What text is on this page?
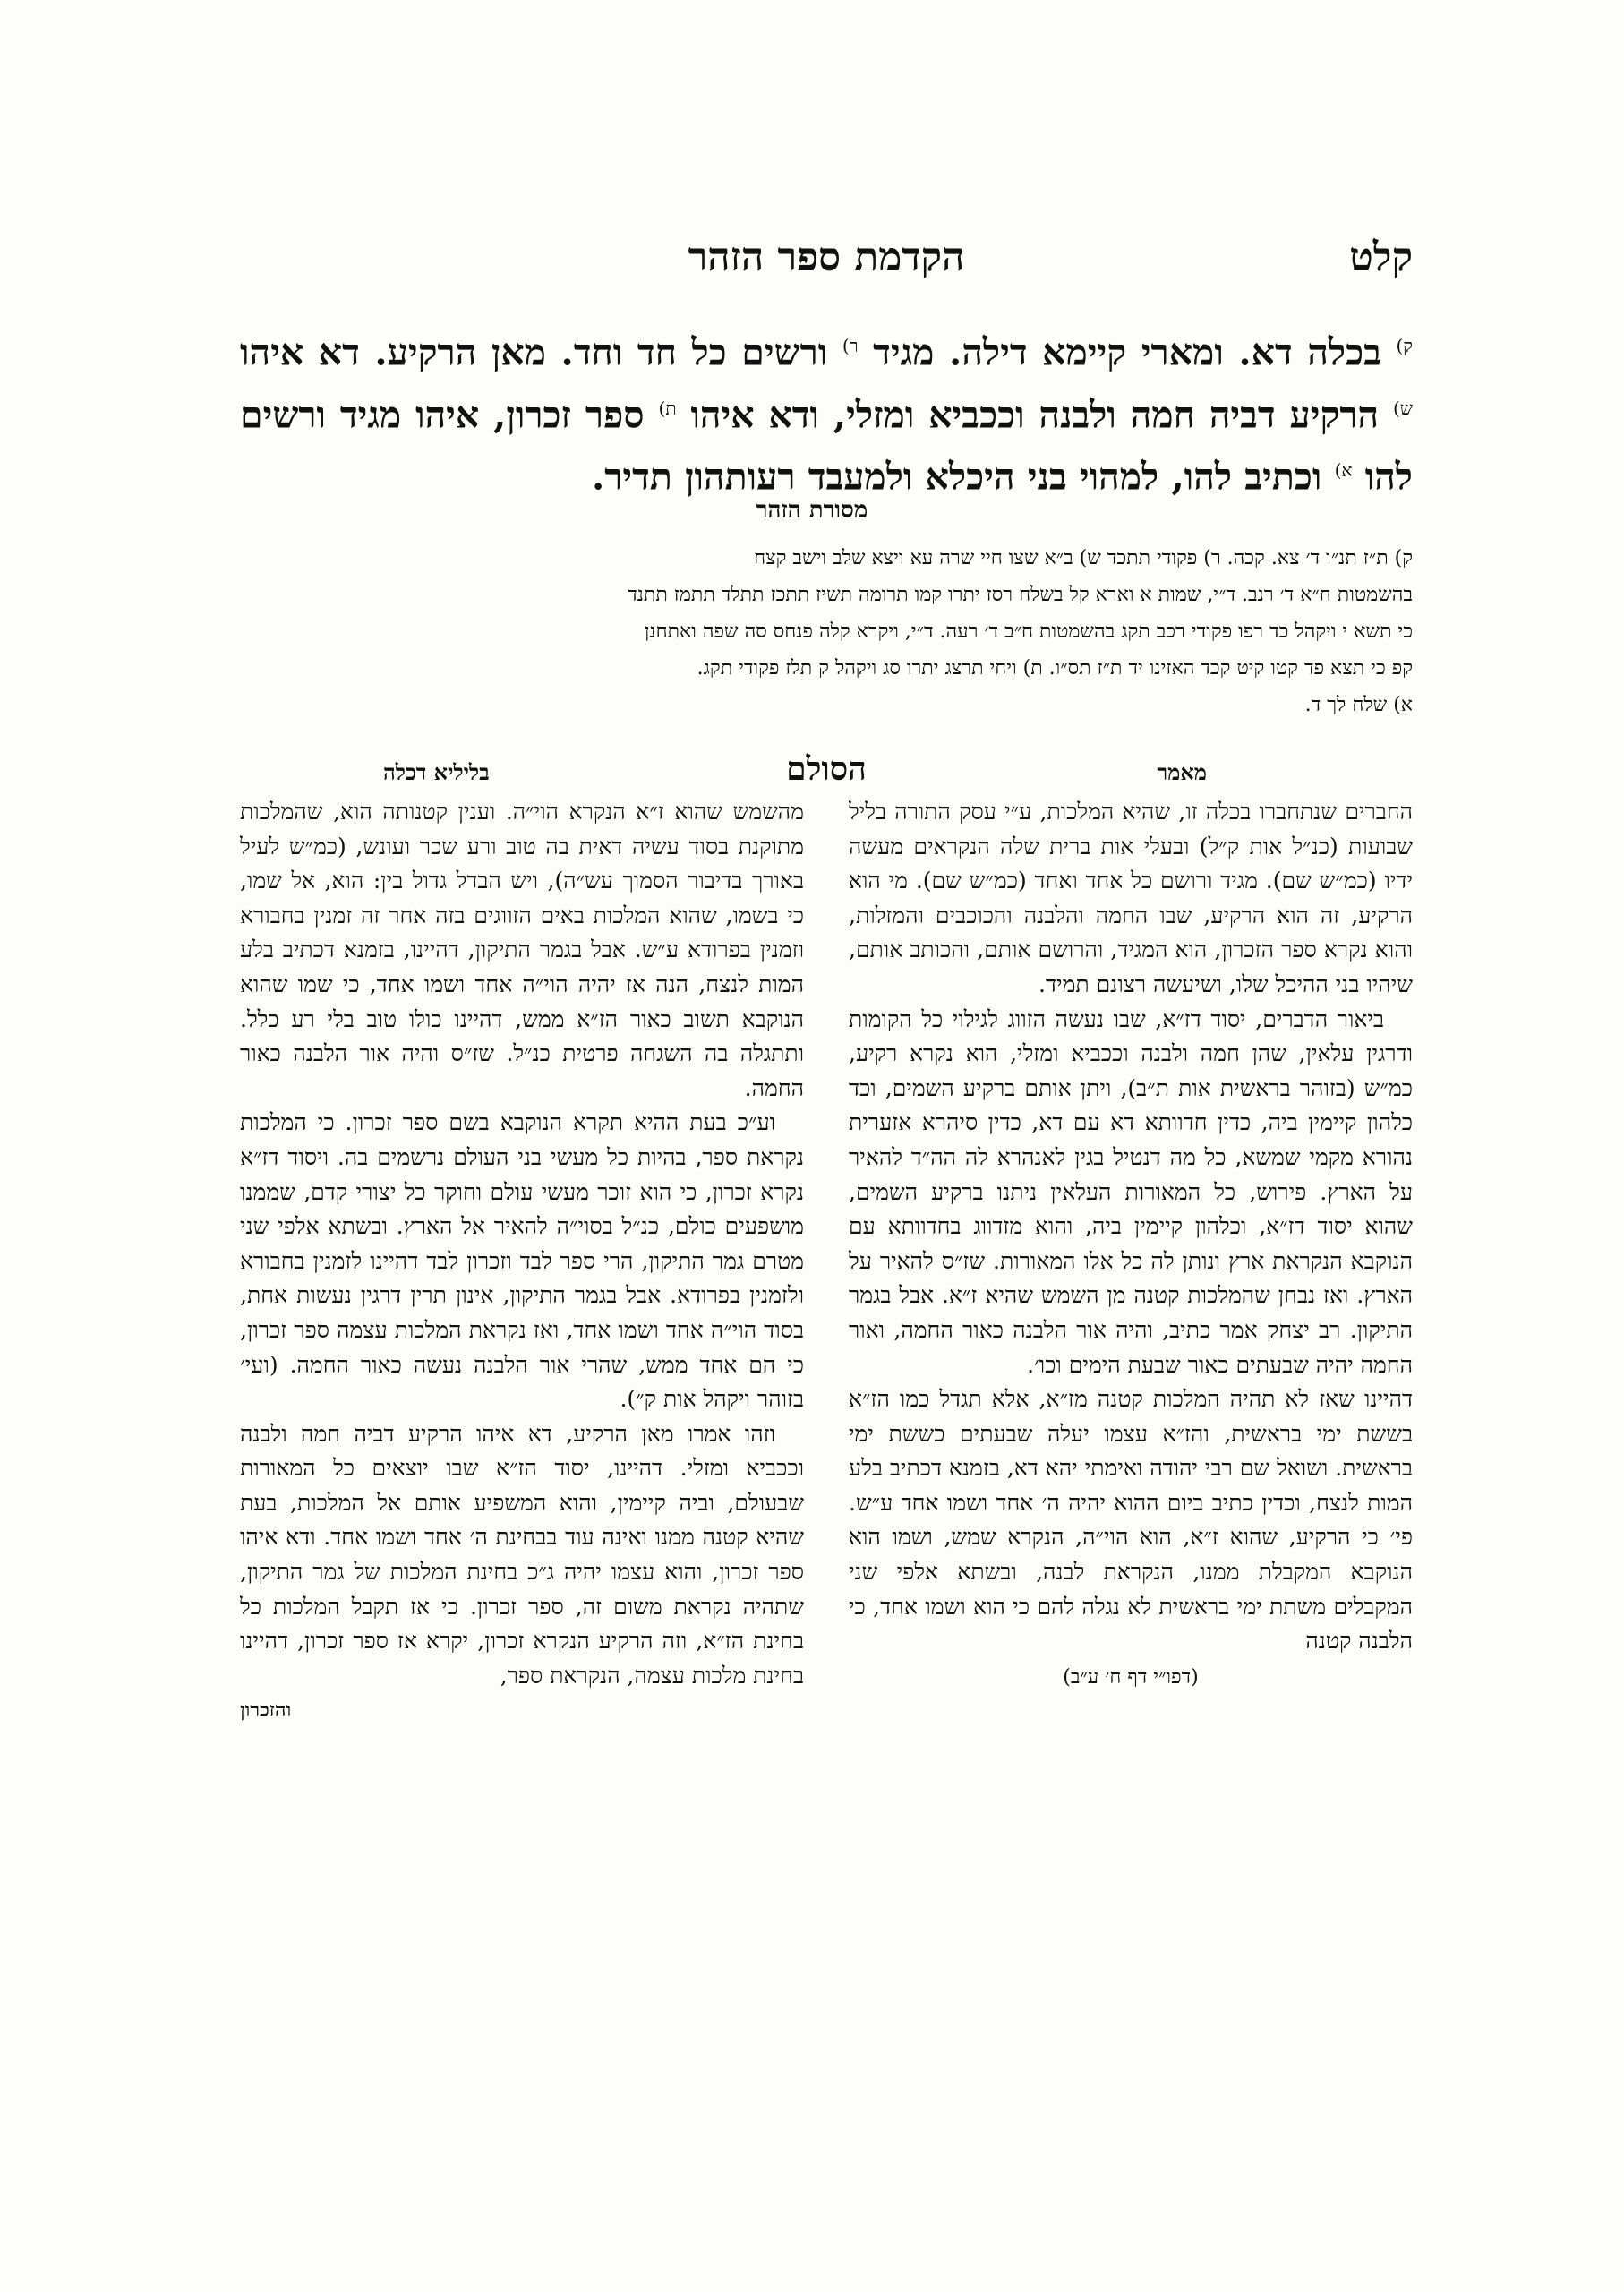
קלט
הקדמת ספר הזהר
$^{ק)}$ בכלה דא. ומארי קיימא דילה. מגיד $^{ר)}$ ורשים כל חד וחד. מאן הרקיע. דא איהו $^{ש)}$ הרקיע דביה חמה ולבנה וככביא ומזלי, ודא איהו $^{ת)}$ ספר זכרון, איהו מגיד ורשים להו $^{א)}$ וכתיב להו, למהוי בני היכלא ולמעבד רעותהון תדיר.
מסורת הזהר
ק) ת״ז תנ״ו ד׳ צא. קכה. ר) פקודי תתכד ש) ב״א שצו חיי שרה עא ויצא שלב וישב קצח
בהשמטות ח״א ד׳ רנב. ד״י, שמות א וארא קל בשלח רסז יתרו קמו תרומה תשיז תתכז תתלד תתמז תתנד
כי תשא י ויקהל כד רפו פקודי רכב תקג בהשמטות ח״ב ד׳ רעה. ד״י, ויקרא קלה פנחס סה שפה ואתחנן
קפ כי תצא פד קטו קיט קכד האזינו יד ת״ז תס״ו. ת) ויחי תרצג יתרו סג ויקהל ק תלז פקודי תקג.
א) שלח לך ד.
מאמר
הסולם
בליליא דכלה

החברים שנתחברו בכלה זו, שהיא המלכות, ע״י עסק התורה בליל שבועות (כנ״ל אות ק״ל) ובעלי אות ברית שלה הנקראים מעשה ידיו (כמ״ש שם). מגיד ורושם כל אחד ואחד (כמ״ש שם). מי הוא הרקיע, זה הוא הרקיע, שבו החמה והלבנה והכוכבים והמזלות, והוא נקרא ספר הזכרון, הוא המגיד, והרושם אותם, והכותב אותם, שיהיו בני ההיכל שלו, ושיעשה רצונם תמיד.

ביאור הדברים, יסוד דז״א, שבו נעשה הזווג לגילוי כל הקומות ודרגין עלאין, שהן חמה ולבנה וככביא ומזלי, הוא נקרא רקיע, כמ״ש (בזוהר בראשית אות ת״ב), ויתן אותם ברקיע השמים, וכד כלהון קיימין ביה, כדין חדוותא דא עם דא, כדין סיהרא אזערית נהורא מקמי שמשא, כל מה דנטיל בגין לאנהרא לה הה״ד להאיר על הארץ. פירוש, כל המאורות העלאין ניתנו ברקיע השמים, שהוא יסוד דז״א, וכלהון קיימין ביה, והוא מזדווג בחדוותא עם הנוקבא הנקראת ארץ ונותן לה כל אלו המאורות. שז״ס להאיר על הארץ. ואז נבחן שהמלכות קטנה מן השמש שהיא ז״א. אבל בגמר התיקון. רב יצחק אמר כתיב, והיה אור הלבנה כאור החמה, ואור החמה יהיה שבעתים כאור שבעת הימים וכו׳.

דהיינו שאז לא תהיה המלכות קטנה מז״א, אלא תגדל כמו הז״א בששת ימי בראשית, והז״א עצמו יעלה שבעתים כששת ימי בראשית. ושואל שם רבי יהודה ואימתי יהא דא, בזמנא דכתיב בלע המות לנצח, וכדין כתיב ביום ההוא יהיה ה׳ אחד ושמו אחד ע״ש. פי׳ כי הרקיע, שהוא ז״א, הוא הוי״ה, הנקרא שמש, ושמו הוא הנוקבא המקבלת ממנו, הנקראת לבנה, ובשתא אלפי שני המקבלים משתת ימי בראשית לא נגלה להם כי הוא ושמו אחד, כי הלבנה קטנה

(דפו״י דף ח׳ ע״ב)

מהשמש שהוא ז״א הנקרא הוי״ה. וענין קטנותה הוא, שהמלכות מתוקנת בסוד עשיה דאית בה טוב ורע שכר ועונש, (כמ״ש לעיל באורך בדיבור הסמוך עש״ה), ויש הבדל גדול בין: הוא, אל שמו, כי בשמו, שהוא המלכות באים הזווגים בזה אחר זה זמנין בחבורא וזמנין בפרודא ע״ש. אבל בגמר התיקון, דהיינו, בזמנא דכתיב בלע המות לנצח, הנה אז יהיה הוי״ה אחד ושמו אחד, כי שמו שהוא הנוקבא תשוב כאור הז״א ממש, דהיינו כולו טוב בלי רע כלל. ותתגלה בה השגחה פרטית כנ״ל. שז״ס והיה אור הלבנה כאור החמה.

וע״כ בעת ההיא תקרא הנוקבא בשם ספר זכרון. כי המלכות נקראת ספר, בהיות כל מעשי בני העולם נרשמים בה. ויסוד דז״א נקרא זכרון, כי הוא זוכר מעשי עולם וחוקר כל יצורי קדם, שממנו מושפעים כולם, כנ״ל בסוי״ה להאיר אל הארץ. ובשתא אלפי שני מטרם גמר התיקון, הרי ספר לבד וזכרון לבד דהיינו לזמנין בחבורא ולזמנין בפרודא. אבל בגמר התיקון, אינון תרין דרגין נעשות אחת, בסוד הוי״ה אחד ושמו אחד, ואז נקראת המלכות עצמה ספר זכרון, כי הם אחד ממש, שהרי אור הלבנה נעשה כאור החמה. (ועי׳ בזוהר ויקהל אות ק״).

וזהו אמרו מאן הרקיע, דא איהו הרקיע דביה חמה ולבנה וככביא ומזלי. דהיינו, יסוד הז״א שבו יוצאים כל המאורות שבעולם, וביה קיימין, והוא המשפיע אותם אל המלכות, בעת שהיא קטנה ממנו ואינה עוד בבחינת ה׳ אחד ושמו אחד. ודא איהו ספר זכרון, והוא עצמו יהיה ג״כ בחינת המלכות של גמר התיקון, שתהיה נקראת משום זה, ספר זכרון. כי אז תקבל המלכות כל בחינת הז״א, וזה הרקיע הנקרא זכרון, יקרא אז ספר זכרון, דהיינו בחינת מלכות עצמה, הנקראת ספר,

והזכרון
